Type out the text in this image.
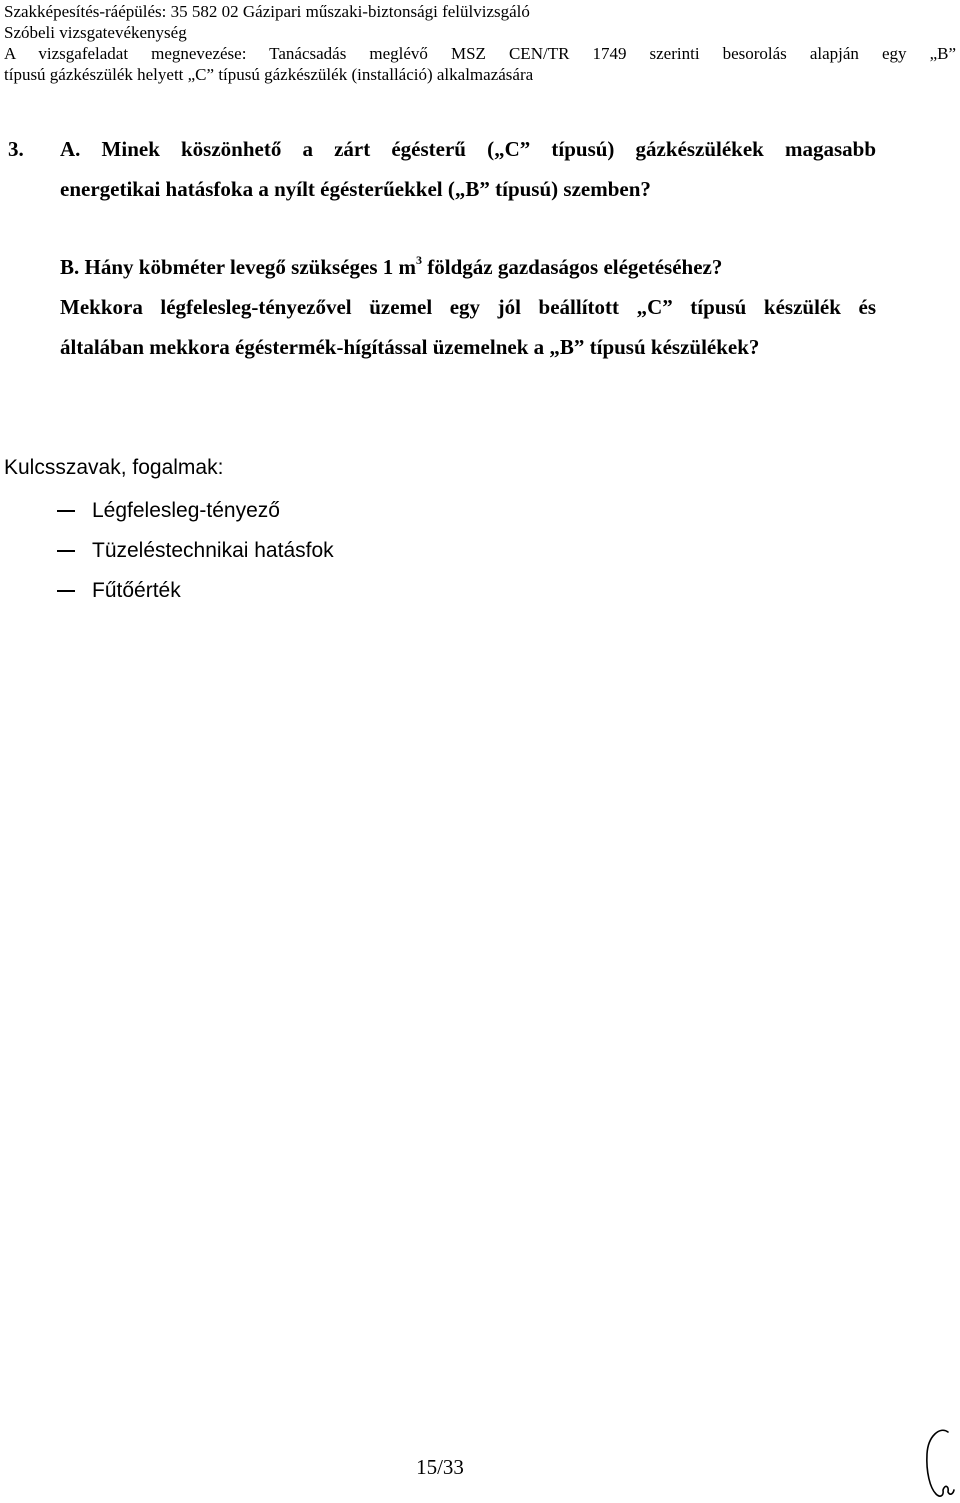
Szakképesítés-ráépülés: 35 582 02 Gázipari műszaki-biztonsági felülvizsgáló
Szóbeli vizsgatevékenység
A vizsgafeladat megnevezése: Tanácsadás meglévő MSZ CEN/TR 1749 szerinti besorolás alapján egy „B”
típusú gázkészülék helyett „C” típusú gázkészülék (installáció) alkalmazására
3.	A. Minek köszönhető a zárt égésterű („C” típusú) gázkészülékek magasabb
energetikai hatásfoka a nyílt égésterűekkel („B” típusú) szemben?
B. Hány köbméter levegő szükséges 1 $m^3$ földgáz gazdaságos elégetéséhez?
Mekkora légfelesleg-tényezővel üzemel egy jól beállított „C” típusú készülék és
általában mekkora égéstermék-hígítással üzemelnek a „B” típusú készülékek?
Kulcsszavak, fogalmak:
Légfelesleg-tényező
Tüzeléstechnikai hatásfok
Fűtőérték
15/33
